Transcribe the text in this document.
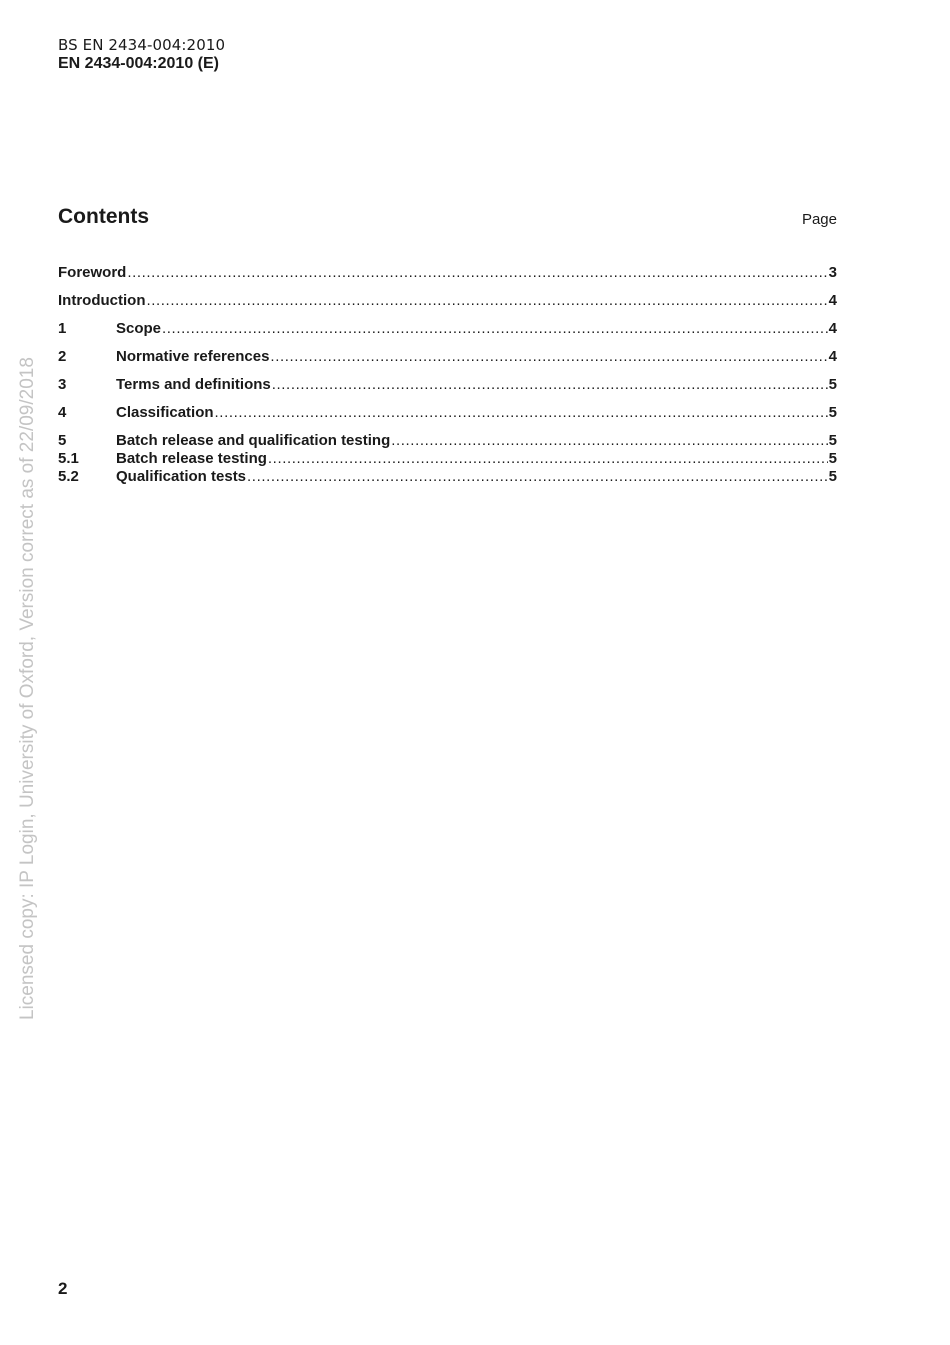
BS EN 2434-004:2010
EN 2434-004:2010 (E)
Contents	Page
Foreword .....	3
Introduction .....	4
1	Scope .....	4
2	Normative references .....	4
3	Terms and definitions .....	5
4	Classification .....	5
5	Batch release and qualification testing .....	5
5.1	Batch release testing .....	5
5.2	Qualification tests .....	5
Licensed copy: IP Login, University of Oxford, Version correct as of 22/09/2018
2
